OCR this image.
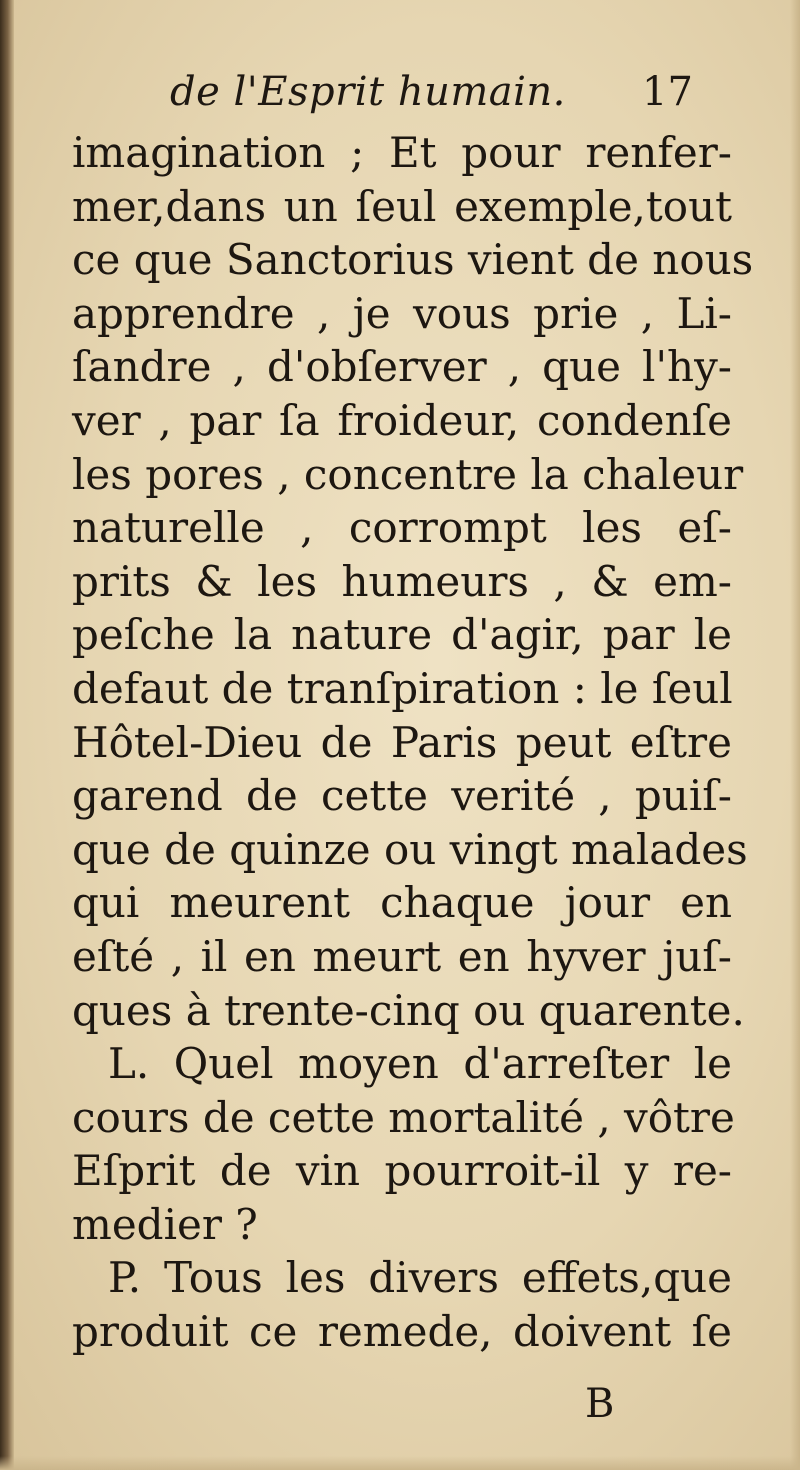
de l'Esprit humain. 17
imagination ; Et pour renfer-
mer,dans un ſeul exemple,tout
ce que Sanctorius vient de nous
apprendre , je vous prie , Li-
ſandre , d'obſerver , que l'hy-
ver , par ſa froideur, condenſe
les pores , concentre la chaleur
naturelle , corrompt les eſ-
prits & les humeurs , & em-
peſche la nature d'agir, par le
defaut de tranſpiration : le ſeul
Hôtel-Dieu de Paris peut eſtre
garend de cette verité , puiſ-
que de quinze ou vingt malades
qui meurent chaque jour en
eſté , il en meurt en hyver juſ-
ques à trente-cinq ou quarente.
L. Quel moyen d'arreſter le
cours de cette mortalité , vôtre
Eſprit de vin pourroit-il y re-
medier ?
P. Tous les divers effets,que
produit ce remede, doivent ſe
B
